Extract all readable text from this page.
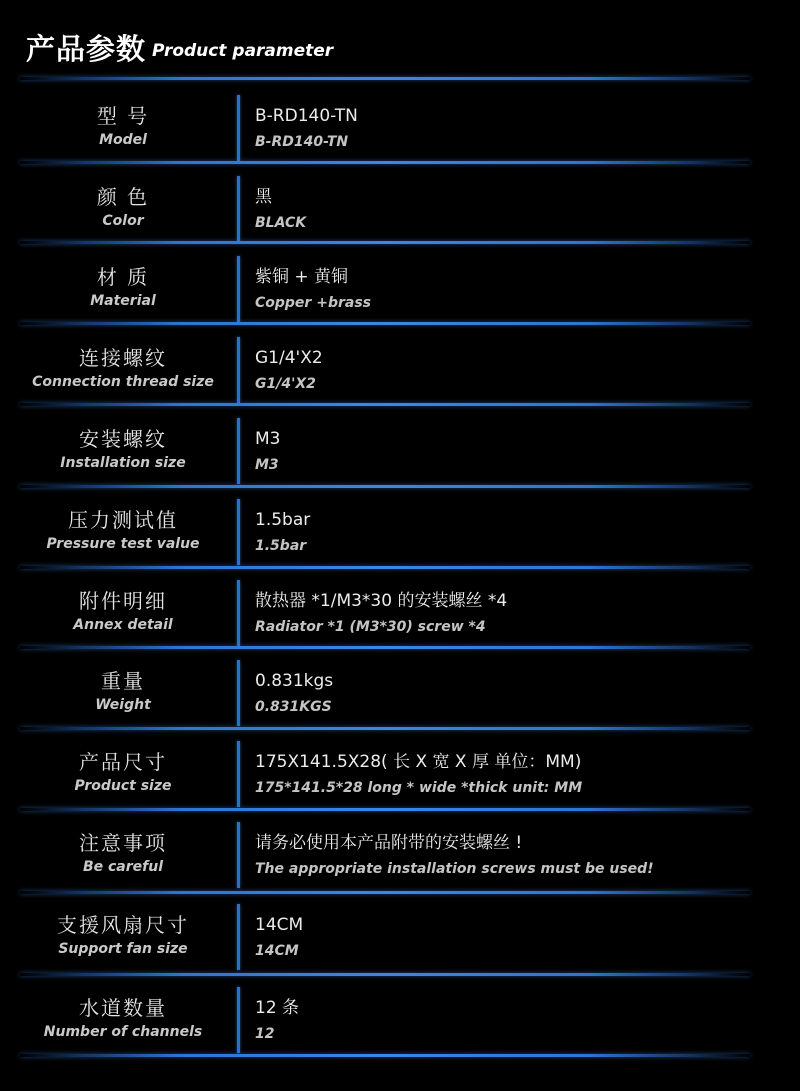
产品参数 Product parameter
型 号
Model
B-RD140-TN
B-RD140-TN
颜 色
Color
黑
BLACK
材 质
Material
紫铜 + 黄铜
Copper +brass
连接螺纹
Connection thread size
G1/4'X2
G1/4'X2
安装螺纹
Installation size
M3
M3
压力测试值
Pressure test value
1.5bar
1.5bar
附件明细
Annex detail
散热器 *1/M3*30 的安装螺丝 *4
Radiator *1 (M3*30) screw *4
重量
Weight
0.831kgs
0.831KGS
产品尺寸
Product size
175X141.5X28( 长 X 宽 X 厚 单位：MM)
175*141.5*28 long * wide *thick unit: MM
注意事项
Be careful
请务必使用本产品附带的安装螺丝 !
The appropriate installation screws must be used!
支援风扇尺寸
Support fan size
14CM
14CM
水道数量
Number of channels
12 条
12
